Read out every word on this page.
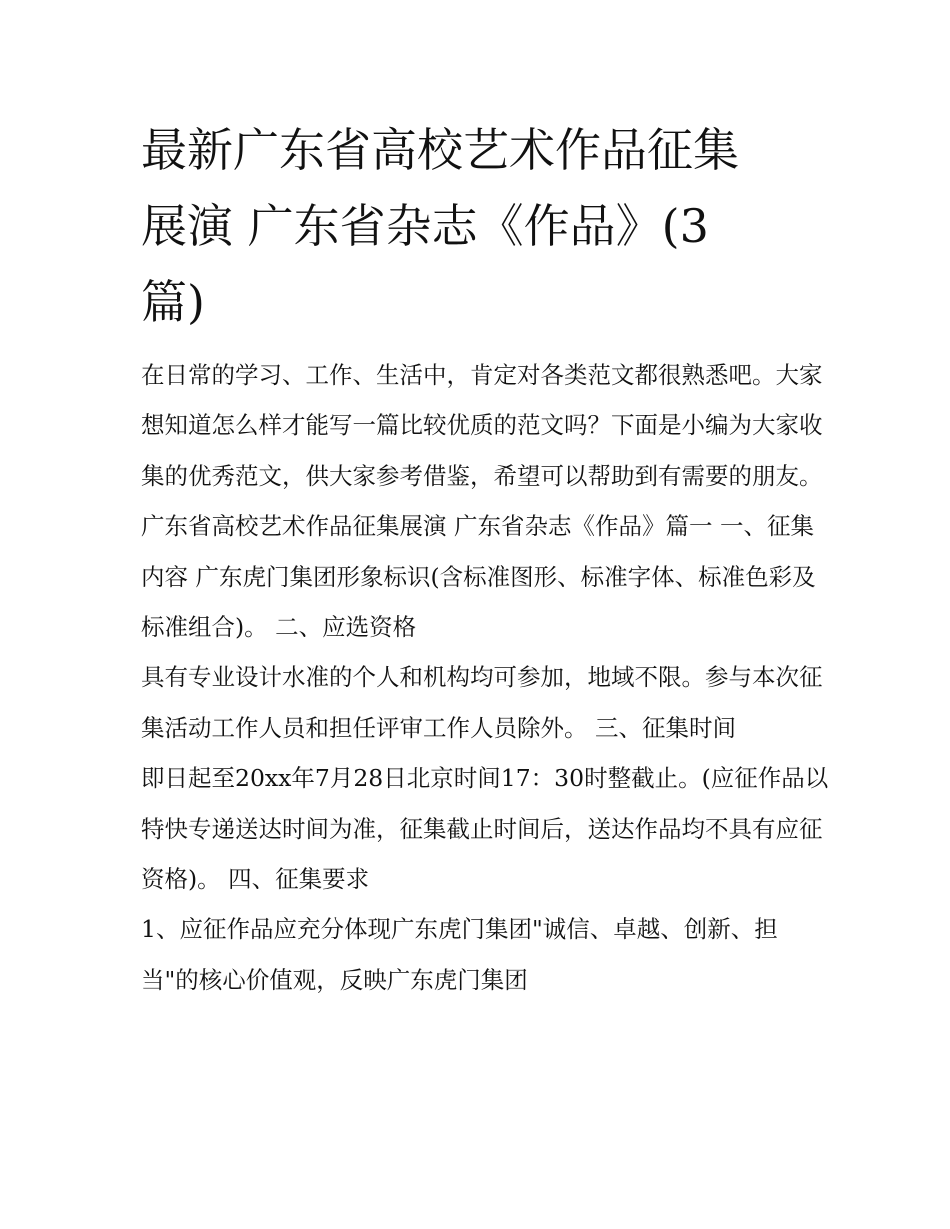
最新广东省高校艺术作品征集
展演 广东省杂志《作品》(3
篇)

在日常的学习、工作、生活中，肯定对各类范文都很熟悉吧。大家想知道怎么样才能写一篇比较优质的范文吗？下面是小编为大家收集的优秀范文，供大家参考借鉴，希望可以帮助到有需要的朋友。

广东省高校艺术作品征集展演 广东省杂志《作品》篇一 一、征集内容 广东虎门集团形象标识(含标准图形、标准字体、标准色彩及标准组合)。 二、应选资格

具有专业设计水准的个人和机构均可参加，地域不限。参与本次征集活动工作人员和担任评审工作人员除外。 三、征集时间

即日起至20xx年7月28日北京时间17：30时整截止。(应征作品以特快专递送达时间为准，征集截止时间后，送达作品均不具有应征资格)。 四、征集要求

1、应征作品应充分体现广东虎门集团"诚信、卓越、创新、担当"的核心价值观，反映广东虎门集团
